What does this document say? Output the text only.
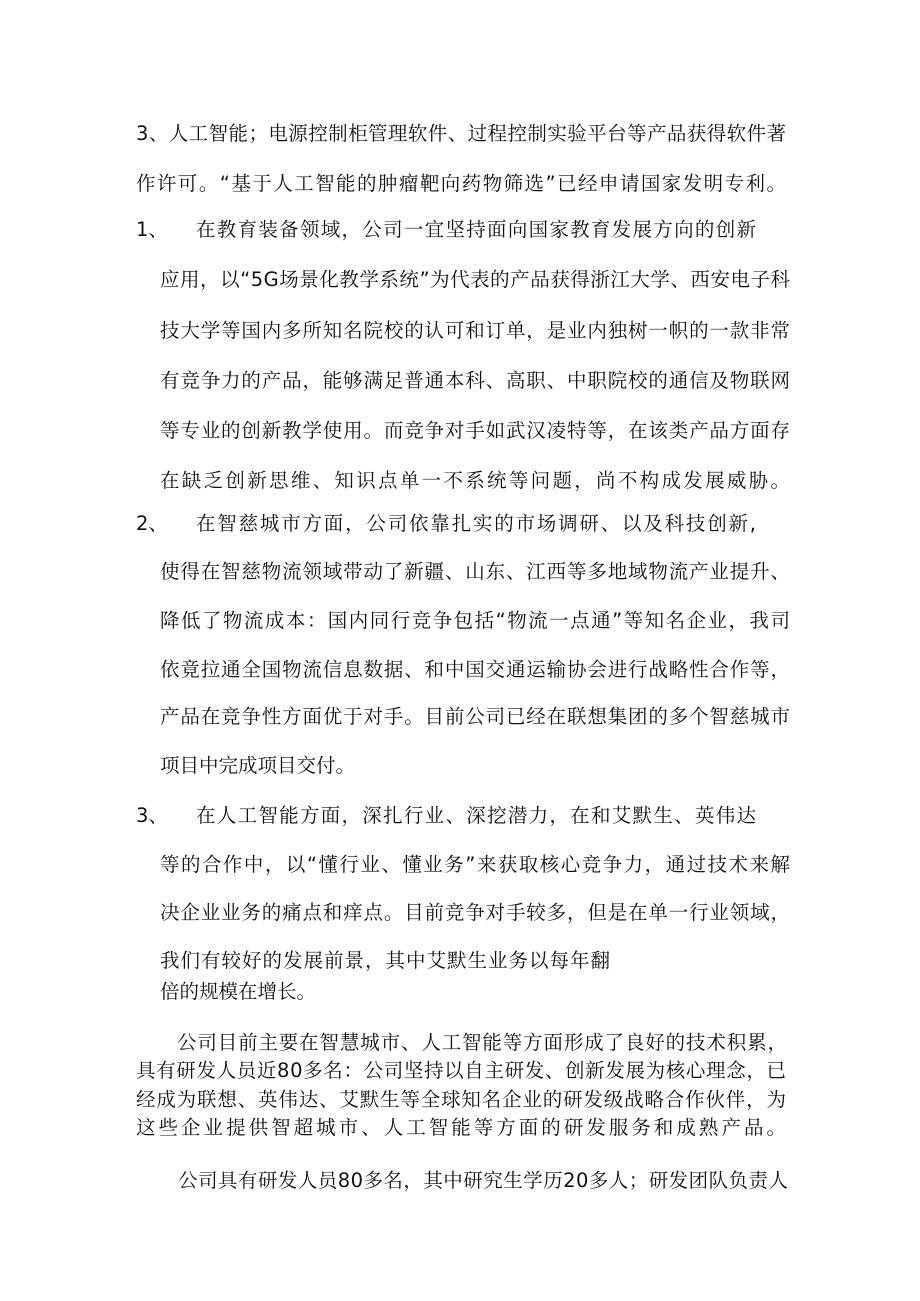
3、人工智能；电源控制柜管理软件、过程控制实验平台等产品获得软件著
作许可。“基于人工智能的肿瘤靶向药物筛选”已经申请国家发明专利。
1、 在教育装备领域，公司一宜坚持面向国家教育发展方向的创新
应用，以“5G场景化教学系统”为代表的产品获得浙江大学、西安电子科
技大学等国内多所知名院校的认可和订单，是业内独树一帜的一款非常
有竞争力的产品，能够满足普通本科、高职、中职院校的通信及物联网
等专业的创新教学使用。而竞争对手如武汉凌特等，在该类产品方面存
在缺乏创新思维、知识点单一不系统等问题，尚不构成发展威胁。
2、 在智慈城市方面，公司依靠扎实的市场调研、以及科技创新,
使得在智慈物流领域带动了新疆、山东、江西等多地域物流产业提升、
降低了物流成本：国内同行竞争包括“物流一点通”等知名企业，我司
依竟拉通全国物流信息数据、和中国交通运输协会进行战略性合作等，
产品在竞争性方面优于对手。目前公司已经在联想集团的多个智慈城市
项目中完成项目交付。
3、 在人工智能方面，深扎行业、深挖潜力，在和艾默生、英伟达
等的合作中，以“懂行业、懂业务”来获取核心竞争力，通过技术来解
决企业业务的痛点和痒点。目前竞争对手较多，但是在单一行业领域，
我们有较好的发展前景，其中艾默生业务以每年翻
倍的规模在增长。
公司目前主要在智慧城市、人工智能等方面形成了良好的技术积累，
具有研发人员近80多名：公司坚持以自主研发、创新发展为核心理念，已
经成为联想、英伟达、艾默生等全球知名企业的研发级战略合作伙伴，为
这些企业提供智超城市、人工智能等方面的研发服务和成熟产品。
公司具有研发人员80多名，其中研究生学历20多人；研发团队负责人
